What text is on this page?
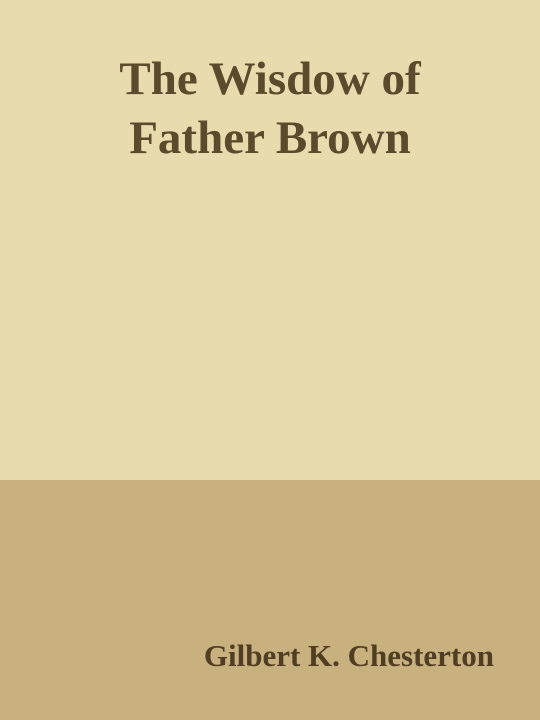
The Wisdow of
Father Brown
Gilbert K. Chesterton
